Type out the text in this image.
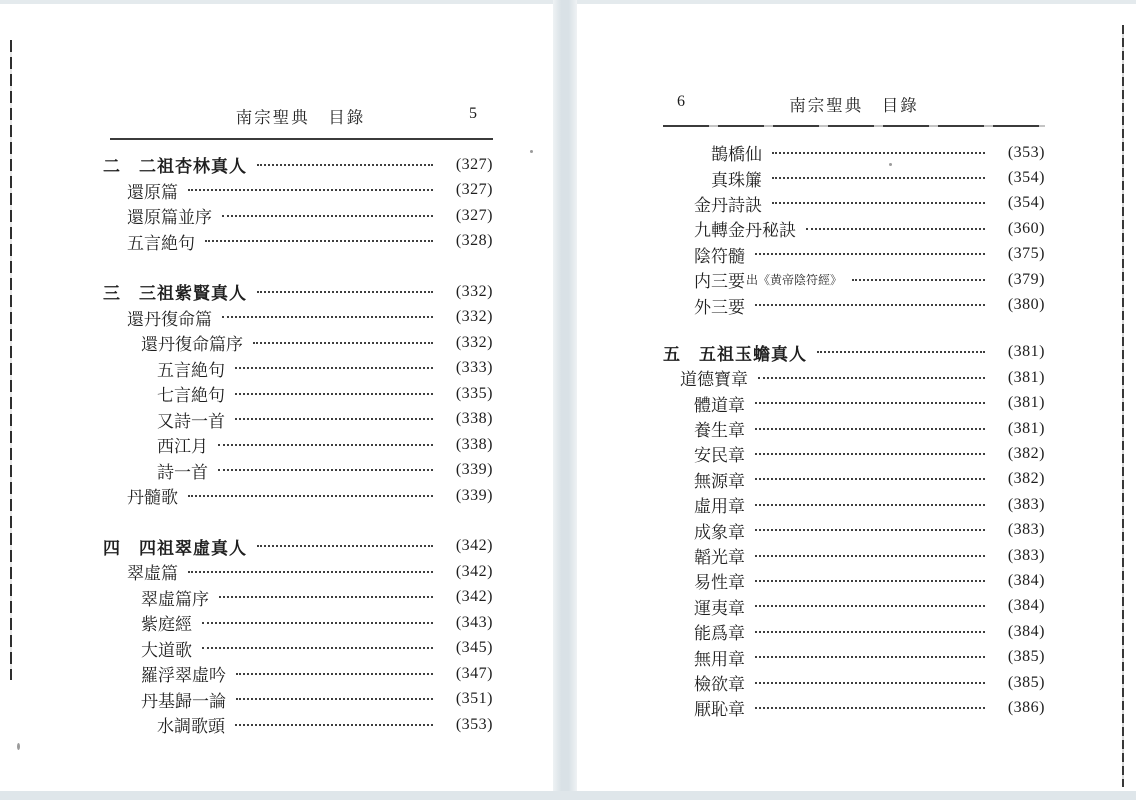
南宗聖典　目錄	5
二　二祖杏林真人	(327)
還原篇	(327)
還原篇並序	(327)
五言絶句	(328)
三　三祖紫賢真人	(332)
還丹復命篇	(332)
還丹復命篇序	(332)
五言絶句	(333)
七言絶句	(335)
又詩一首	(338)
西江月	(338)
詩一首	(339)
丹髓歌	(339)
四　四祖翠虛真人	(342)
翠虛篇	(342)
翠虛篇序	(342)
紫庭經	(343)
大道歌	(345)
羅浮翠虛吟	(347)
丹基歸一論	(351)
水調歌頭	(353)
南宗聖典　目錄
6
鵲橋仙	(353)
真珠簾	(354)
金丹詩訣	(354)
九轉金丹秘訣	(360)
陰符髓	(375)
内三要 出《黄帝陰符經》	(379)
外三要	(380)
五　五祖玉蟾真人	(381)
道德寶章	(381)
體道章	(381)
養生章	(381)
安民章	(382)
無源章	(382)
虛用章	(383)
成象章	(383)
韜光章	(383)
易性章	(384)
運夷章	(384)
能爲章	(384)
無用章	(385)
檢欲章	(385)
厭恥章	(386)
